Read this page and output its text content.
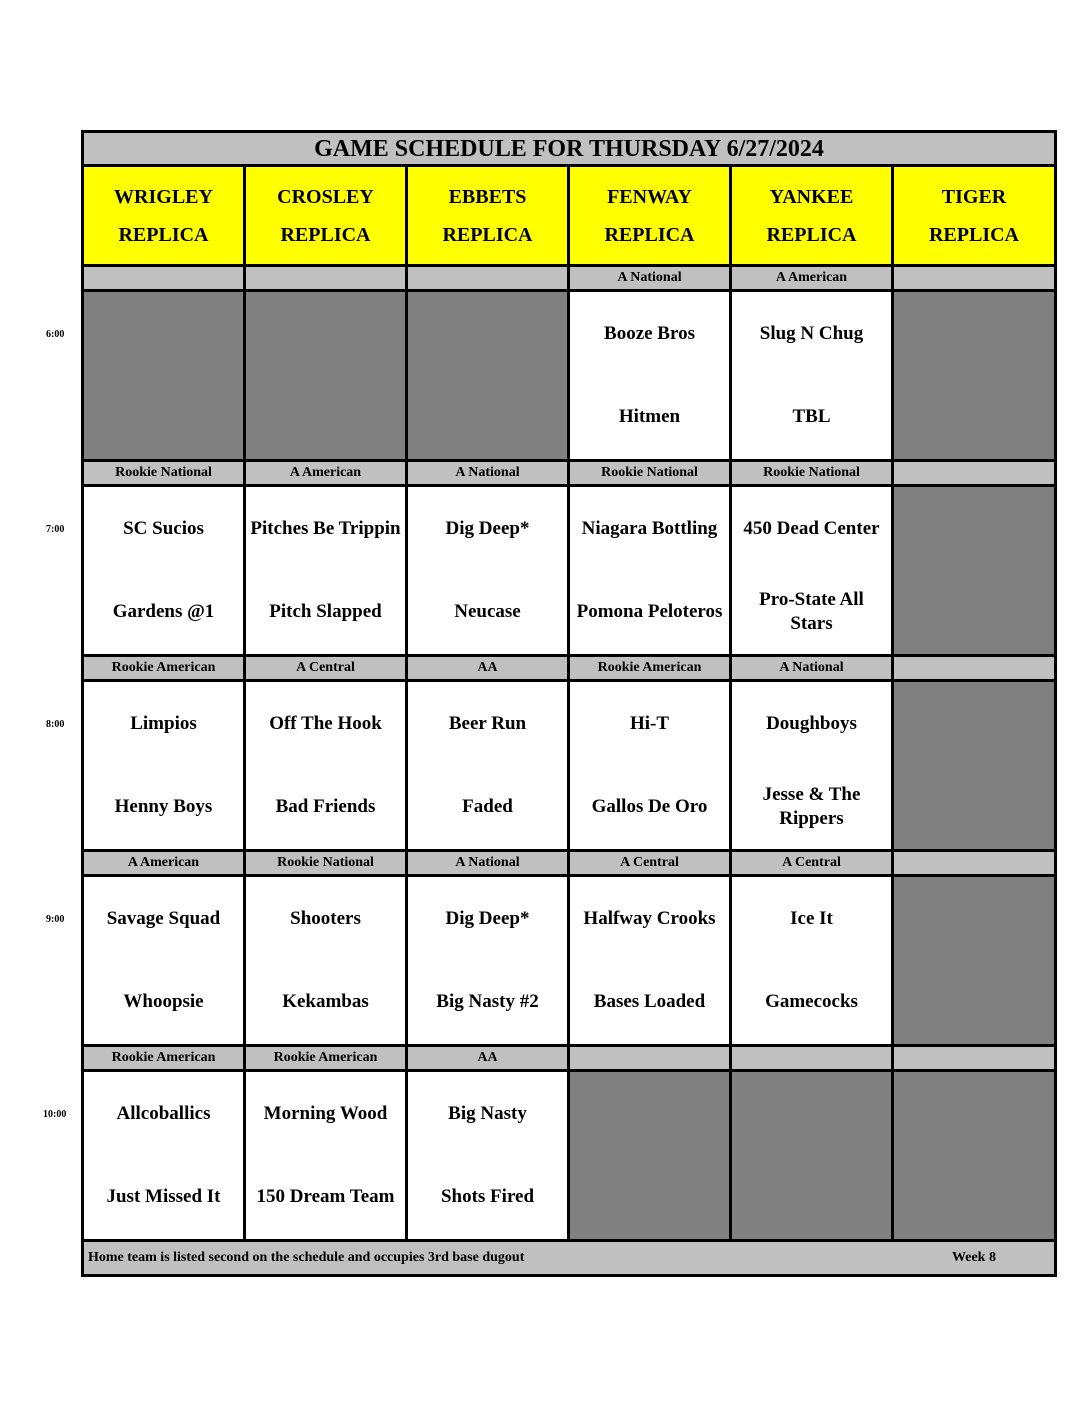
GAME SCHEDULE FOR THURSDAY 6/27/2024
WRIGLEY
REPLICA
CROSLEY
REPLICA
EBBETS
REPLICA
FENWAY
REPLICA
YANKEE
REPLICA
TIGER
REPLICA
A National
Booze Bros
Hitmen
A American
Slug N Chug
TBL
Rookie National
SC Sucios
Gardens @1
A American
Pitches Be Trippin
Pitch Slapped
A National
Dig Deep*
Neucase
Rookie National
Niagara Bottling
Pomona Peloteros
Rookie National
450 Dead Center
Pro-State All Stars
Rookie American
Limpios
Henny Boys
A Central
Off The Hook
Bad Friends
AA
Beer Run
Faded
Rookie American
Hi-T
Gallos De Oro
A National
Doughboys
Jesse & The Rippers
A American
Savage Squad
Whoopsie
Rookie National
Shooters
Kekambas
A National
Dig Deep*
Big Nasty #2
A Central
Halfway Crooks
Bases Loaded
A Central
Ice It
Gamecocks
Rookie American
Allcoballics
Just Missed It
Rookie American
Morning Wood
150 Dream Team
AA
Big Nasty
Shots Fired
Home team is listed second on the schedule and occupies 3rd base dugout	Week 8
6:00
7:00
8:00
9:00
10:00
